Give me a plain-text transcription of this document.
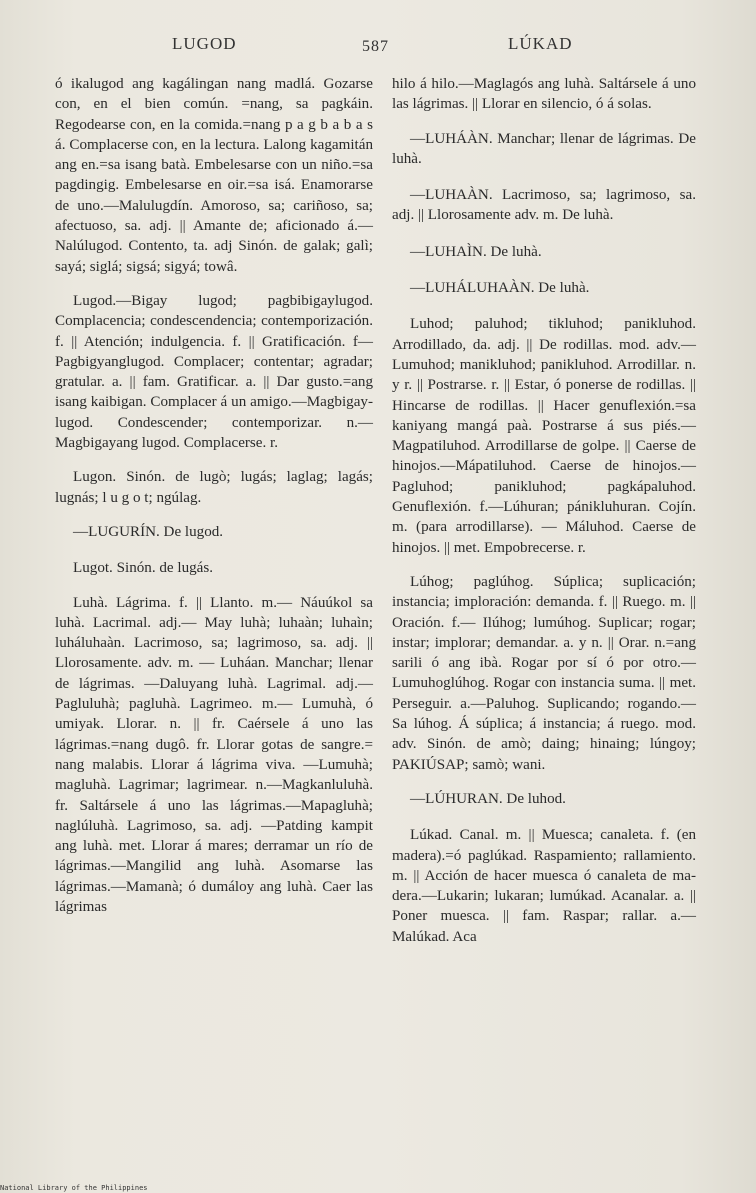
LUGOD	587	LÚKAD

ó ikalugod ang kagálingan nang madlá. Gozarse con, en el bien común. =nang, sa pagkáin. Regodearse con, en la comida.=nang p a g b a b a s á. Complacerse con, en la lectura. Lalong kagamitán ang en.=sa isang batà. Embelesarse con un niño.=sa pagdingig. Embelesarse en oir.=sa isá. Enamorarse de uno.—Malulugdín. Amoroso, sa; cariñoso, sa; afectuoso, sa. adj. || Amante de; aficionado á.—Nalúlugod. Contento, ta. adj Sinón. de galak; galì; sayá; siglá; sigsá; sigyá; towâ.

Lugod.—Bigay lugod; pagbibigaylugod. Complacencia; condescendencia; contemporización. f. || Atención; indulgencia. f. || Gratificación. f—Pagbigyanglugod. Complacer; contentar; agradar; gratular. a. || fam. Gratificar. a. || Dar gusto.=ang isang kaibigan. Complacer á un amigo.—Magbigaylugod. Condescender; contemporizar. n.—Magbigayang lugod. Complacerse. r.

Lugon. Sinón. de lugò; lugás; laglag; lagás; lugnás; l u g o t; ngúlag.

—LUGURÍN. De lugod.

Lugot. Sinón. de lugás.

Luhà. Lágrima. f. || Llanto. m.— Náuúkol sa luhà. Lacrimal. adj.— May luhà; luhaàn; luhaìn; luháluhaàn. Lacrimoso, sa; lagrimoso, sa. adj. || Llorosamente. adv. m. — Luháan. Manchar; llenar de lágrimas. —Daluyang luhà. Lagrimal. adj.— Pagluluhà; pagluhà. Lagrimeo. m.— Lumuhà, ó umiyak. Llorar. n. || fr. Caérsele á uno las lágrimas.=nang dugô. fr. Llorar gotas de sangre.= nang malabis. Llorar á lágrima viva. —Lumuhà; magluhà. Lagrimar; lagrimear. n.—Magkanluluhà. fr. Saltársele á uno las lágrimas.—Mapagluhà; naglúluhà. Lagrimoso, sa. adj. —Patding kampit ang luhà. met. Llorar á mares; derramar un río de lágrimas.—Mangilid ang luhà. Asomarse las lágrimas.—Mamanà; ó dumáloy ang luhà. Caer las lágrimas

hilo á hilo.—Maglagós ang luhà. Saltársele á uno las lágrimas. || Llorar en silencio, ó á solas.

—LUHÁÀN. Manchar; llenar de lágrimas. De luhà.

—LUHAÀN. Lacrimoso, sa; lagrimoso, sa. adj. || Llorosamente adv. m. De luhà.

—LUHAÌN. De luhà.

—LUHÁLUHAÀN. De luhà.

Luhod; paluhod; tikluhod; panikluhod. Arrodillado, da. adj. || De rodillas. mod. adv.—Lumuhod; manikluhod; panikluhod. Arrodillar. n. y r. || Postrarse. r. || Estar, ó ponerse de rodillas. || Hincarse de rodillas. || Hacer genuflexión.=sa kaniyang mangá paà. Postrarse á sus piés.— Magpatiluhod. Arrodillarse de golpe. || Caerse de hinojos.—Mápatiluhod. Caerse de hinojos.—Pagluhod; panikluhod; pagkápaluhod. Genuflexión. f.—Lúhuran; pánikluhuran. Cojín. m. (para arrodillarse). — Máluhod. Caerse de hinojos. || met. Empobrecerse. r.

Lúhog; paglúhog. Súplica; suplicación; instancia; imploración: demanda. f. || Ruego. m. || Oración. f.— Ilúhog; lumúhog. Suplicar; rogar; instar; implorar; demandar. a. y n. || Orar. n.=ang sarili ó ang ibà. Rogar por sí ó por otro.—Lumuhoglúhog. Rogar con instancia suma. || met. Perseguir. a.—Paluhog. Suplicando; rogando.—Sa lúhog. Á súplica; á instancia; á ruego. mod. adv. Sinón. de amò; daing; hinaing; lúngoy; PAKIÚSAP; samò; wani.

—LÚHURAN. De luhod.

Lúkad. Canal. m. || Muesca; canaleta. f. (en madera).=ó paglúkad. Raspamiento; rallamiento. m. || Acción de hacer muesca ó canaleta de madera.—Lukarin; lukaran; lumúkad. Acanalar. a. || Poner muesca. || fam. Raspar; rallar. a.—Malúkad. Aca

National Library of the Philippines
